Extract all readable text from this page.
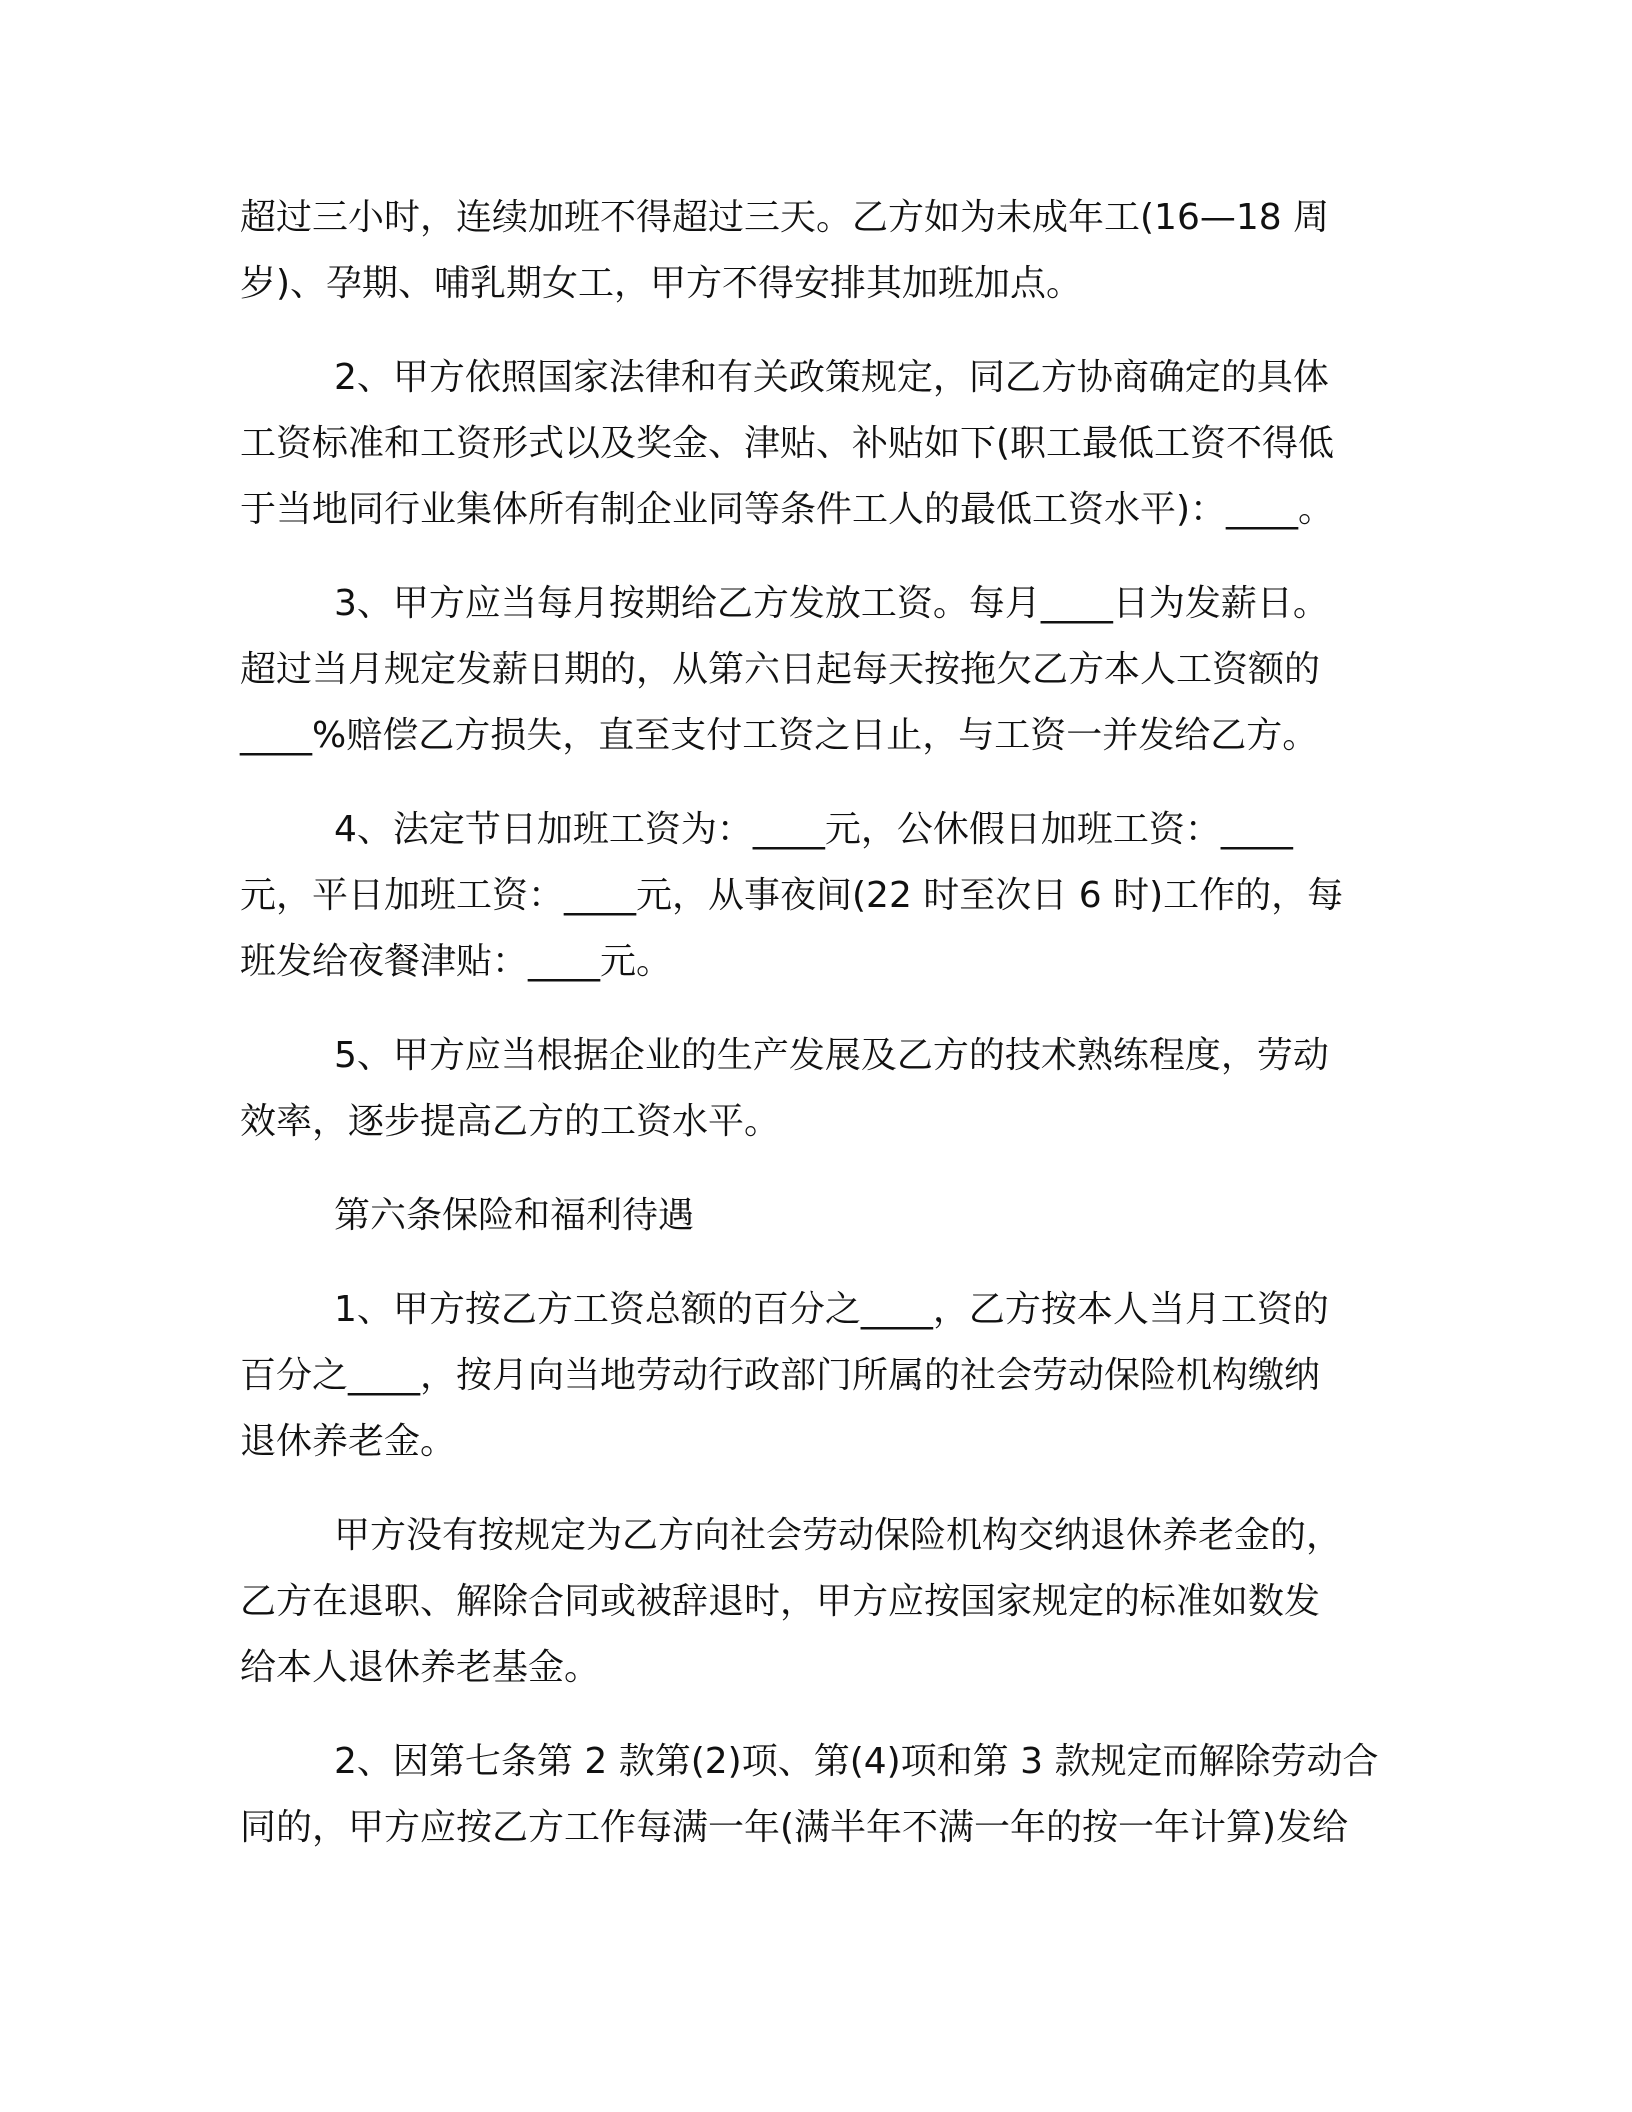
超过三小时，连续加班不得超过三天。乙方如为未成年工(16—18 周
岁)、孕期、哺乳期女工，甲方不得安排其加班加点。
2、甲方依照国家法律和有关政策规定，同乙方协商确定的具体
工资标准和工资形式以及奖金、津贴、补贴如下(职工最低工资不得低
于当地同行业集体所有制企业同等条件工人的最低工资水平)：____。
3、甲方应当每月按期给乙方发放工资。每月____日为发薪日。
超过当月规定发薪日期的，从第六日起每天按拖欠乙方本人工资额的
____%赔偿乙方损失，直至支付工资之日止，与工资一并发给乙方。
4、法定节日加班工资为：____元，公休假日加班工资：____
元，平日加班工资：____元，从事夜间(22 时至次日 6 时)工作的，每
班发给夜餐津贴：____元。
5、甲方应当根据企业的生产发展及乙方的技术熟练程度，劳动
效率，逐步提高乙方的工资水平。
第六条保险和福利待遇
1、甲方按乙方工资总额的百分之____，乙方按本人当月工资的
百分之____，按月向当地劳动行政部门所属的社会劳动保险机构缴纳
退休养老金。
甲方没有按规定为乙方向社会劳动保险机构交纳退休养老金的，
乙方在退职、解除合同或被辞退时，甲方应按国家规定的标准如数发
给本人退休养老基金。
2、因第七条第 2 款第(2)项、第(4)项和第 3 款规定而解除劳动合
同的，甲方应按乙方工作每满一年(满半年不满一年的按一年计算)发给
